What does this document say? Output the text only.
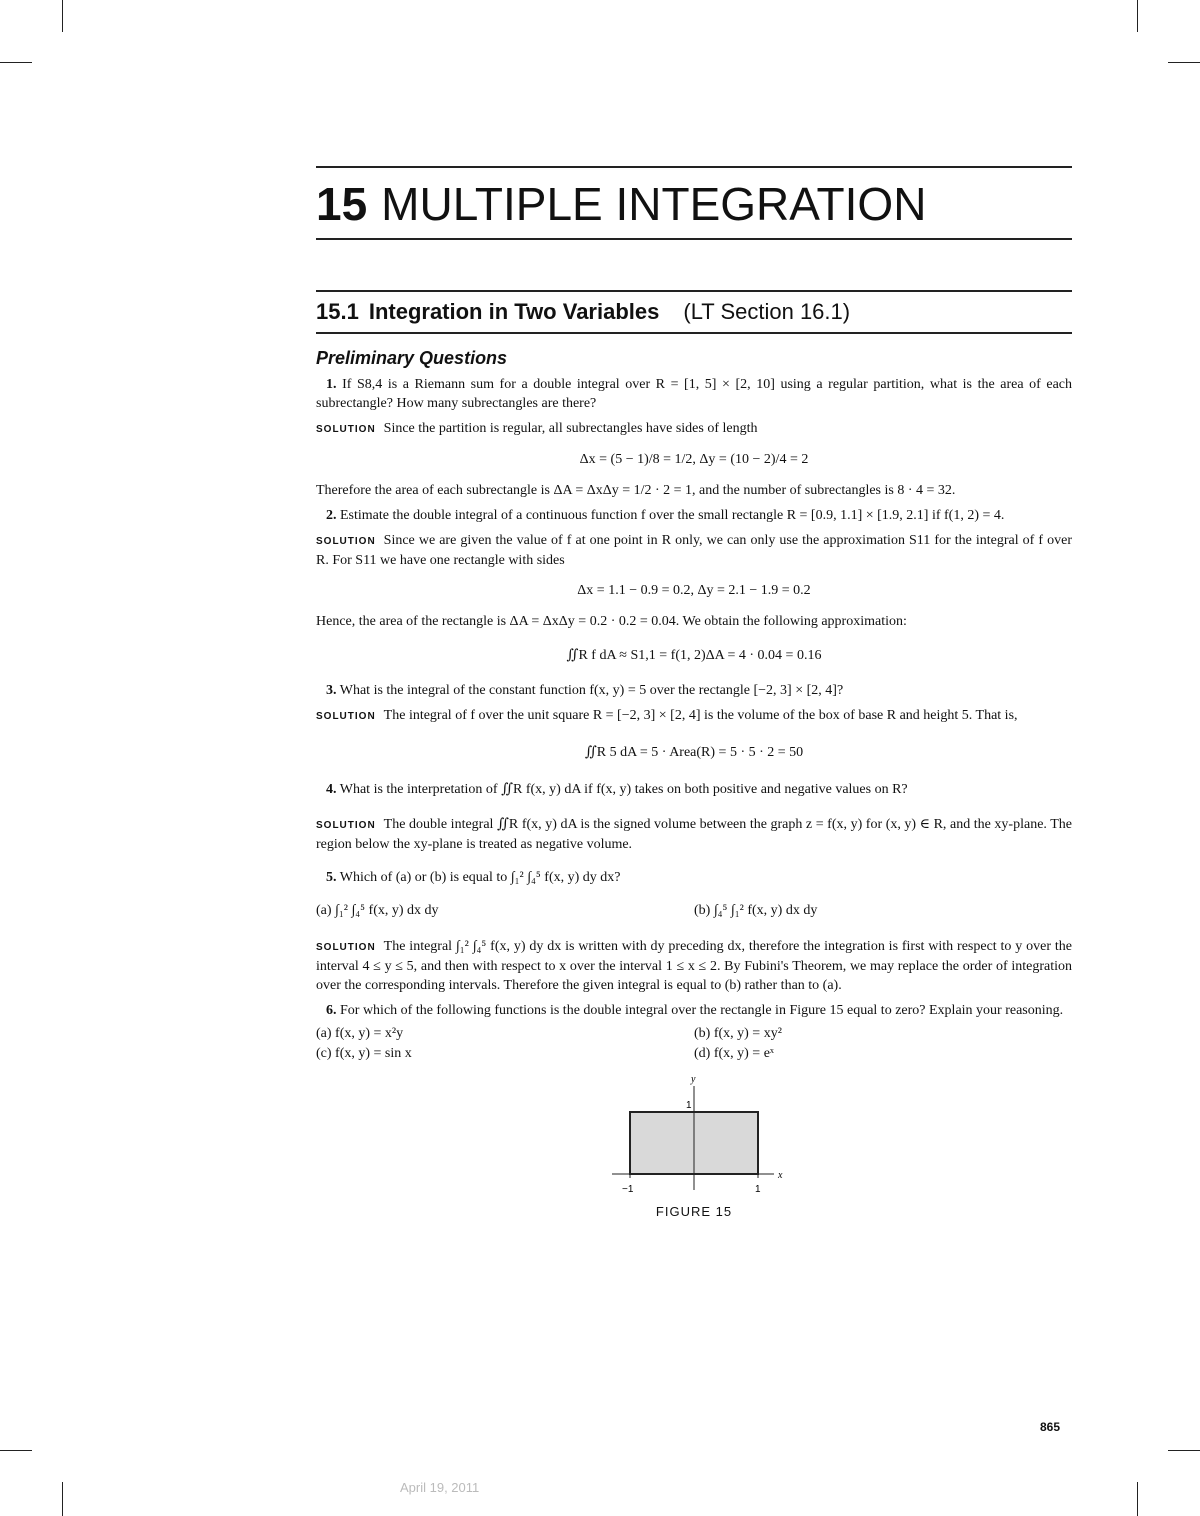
15 MULTIPLE INTEGRATION
15.1 Integration in Two Variables (LT Section 16.1)
Preliminary Questions

1. If S8,4 is a Riemann sum for a double integral over R = [1, 5] × [2, 10] using a regular partition, what is the area of each subrectangle? How many subrectangles are there?

SOLUTION Since the partition is regular, all subrectangles have sides of length

Δx = (5 − 1)/8 = 1/2, Δy = (10 − 2)/4 = 2

Therefore the area of each subrectangle is ΔA = ΔxΔy = 1/2 · 2 = 1, and the number of subrectangles is 8 · 4 = 32.

2. Estimate the double integral of a continuous function f over the small rectangle R = [0.9, 1.1] × [1.9, 2.1] if f(1, 2) = 4.

SOLUTION Since we are given the value of f at one point in R only, we can only use the approximation S11 for the integral of f over R. For S11 we have one rectangle with sides

Δx = 1.1 − 0.9 = 0.2, Δy = 2.1 − 1.9 = 0.2

Hence, the area of the rectangle is ΔA = ΔxΔy = 0.2 · 0.2 = 0.04. We obtain the following approximation:

∬R f dA ≈ S1,1 = f(1, 2)ΔA = 4 · 0.04 = 0.16

3. What is the integral of the constant function f(x, y) = 5 over the rectangle [−2, 3] × [2, 4]?

SOLUTION The integral of f over the unit square R = [−2, 3] × [2, 4] is the volume of the box of base R and height 5. That is,

∬R 5 dA = 5 · Area(R) = 5 · 5 · 2 = 50

4. What is the interpretation of ∬R f(x, y) dA if f(x, y) takes on both positive and negative values on R?

SOLUTION The double integral ∬R f(x, y) dA is the signed volume between the graph z = f(x, y) for (x, y) ∈ R, and the xy-plane. The region below the xy-plane is treated as negative volume.

5. Which of (a) or (b) is equal to ∫₁² ∫₄⁵ f(x, y) dy dx?

(a) ∫₁² ∫₄⁵ f(x, y) dx dy	(b) ∫₄⁵ ∫₁² f(x, y) dx dy

SOLUTION The integral ∫₁² ∫₄⁵ f(x, y) dy dx is written with dy preceding dx, therefore the integration is first with respect to y over the interval 4 ≤ y ≤ 5, and then with respect to x over the interval 1 ≤ x ≤ 2. By Fubini's Theorem, we may replace the order of integration over the corresponding intervals. Therefore the given integral is equal to (b) rather than to (a).

6. For which of the following functions is the double integral over the rectangle in Figure 15 equal to zero? Explain your reasoning.

(a) f(x, y) = x²y	(b) f(x, y) = xy²
(c) f(x, y) = sin x	(d) f(x, y) = eˣ
y
x
1
−1	1
FIGURE 15
865
April 19, 2011
